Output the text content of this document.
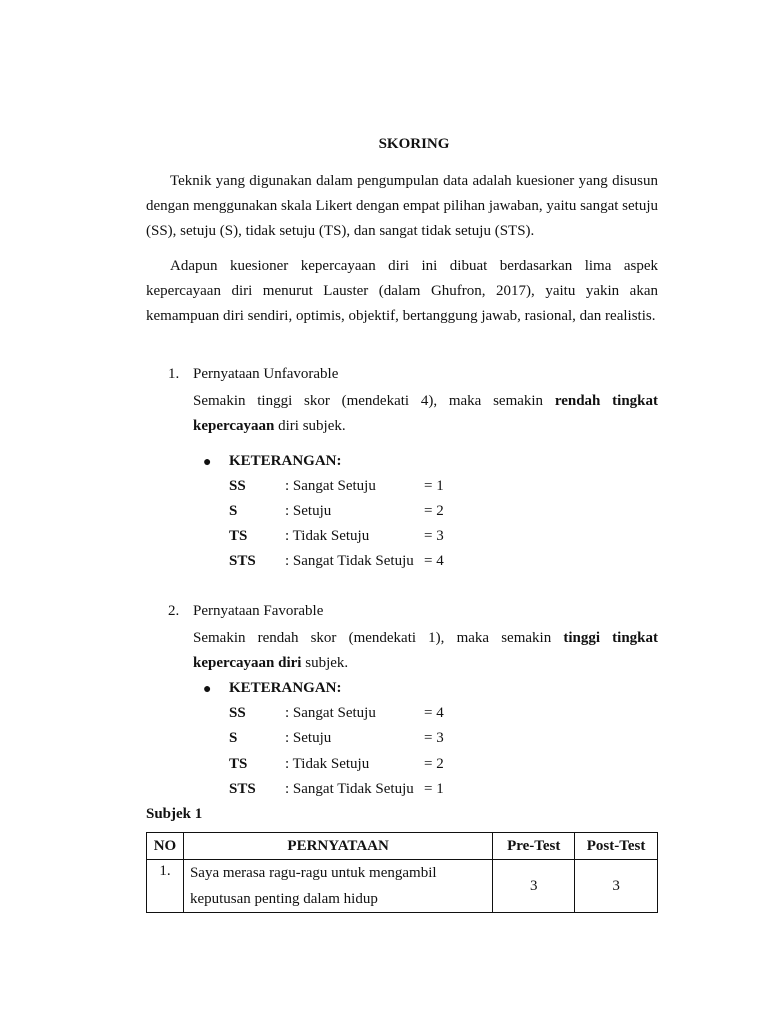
SKORING

Teknik yang digunakan dalam pengumpulan data adalah kuesioner yang disusun dengan menggunakan skala Likert dengan empat pilihan jawaban, yaitu sangat setuju (SS), setuju (S), tidak setuju (TS), dan sangat tidak setuju (STS).

Adapun kuesioner kepercayaan diri ini dibuat berdasarkan lima aspek kepercayaan diri menurut Lauster (dalam Ghufron, 2017), yaitu yakin akan kemampuan diri sendiri, optimis, objektif, bertanggung jawab, rasional, dan realistis.

1. Pernyataan Unfavorable

Semakin tinggi skor (mendekati 4), maka semakin rendah tingkat kepercayaan diri subjek.

● KETERANGAN:
SS	: Sangat Setuju	= 1
S	: Setuju	= 2
TS	: Tidak Setuju	= 3
STS : Sangat Tidak Setuju = 4
2. Pernyataan Favorable

Semakin rendah skor (mendekati 1), maka semakin tinggi tingkat kepercayaan diri subjek.

● KETERANGAN:
SS	: Sangat Setuju	= 4
S	: Setuju	= 3
TS	: Tidak Setuju	= 2
STS : Sangat Tidak Setuju = 1
Subjek 1
NO	PERNYATAAN	Pre-Test	Post-Test
1.	Saya merasa ragu-ragu untuk mengambil keputusan penting dalam hidup	3	3
